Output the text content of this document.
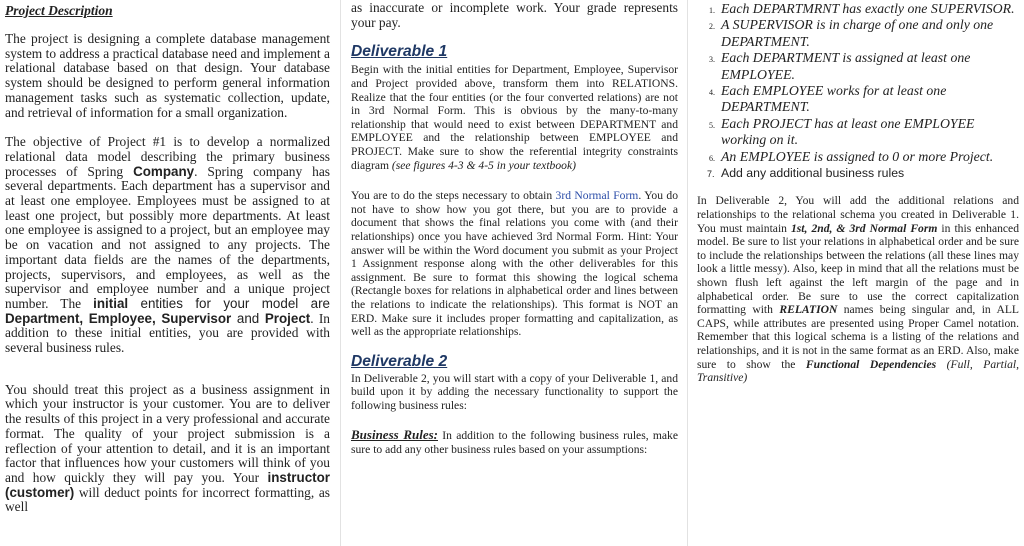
Project Description

The project is designing a complete database management system to address a practical database need and implement a relational database based on that design. Your database system should be designed to perform general information management tasks such as systematic collection, update, and retrieval of information for a small organization.

The objective of Project #1 is to develop a normalized relational data model describing the primary business processes of Spring Company. Spring company has several departments. Each department has a supervisor and at least one employee. Employees must be assigned to at least one project, but possibly more departments. At least one employee is assigned to a project, but an employee may be on vacation and not assigned to any projects. The important data fields are the names of the departments, projects, supervisors, and employees, as well as the supervisor and employee number and a unique project number. The initial entities for your model are Department, Employee, Supervisor and Project. In addition to these initial entities, you are provided with several business rules.

You should treat this project as a business assignment in which your instructor is your customer. You are to deliver the results of this project in a very professional and accurate format. The quality of your project submission is a reflection of your attention to detail, and it is an important factor that influences how your customers will think of you and how quickly they will pay you. Your instructor (customer) will deduct points for incorrect formatting, as well

as inaccurate or incomplete work. Your grade represents your pay.

Deliverable 1

Begin with the initial entities for Department, Employee, Supervisor and Project provided above, transform them into RELATIONS. Realize that the four entities (or the four converted relations) are not in 3rd Normal Form. This is obvious by the many-to-many relationship that would need to exist between DEPARTMENT and EMPLOYEE and the relationship between EMPLOYEE and PROJECT. Make sure to show the referential integrity constraints diagram (see figures 4-3 & 4-5 in your textbook)

You are to do the steps necessary to obtain 3rd Normal Form. You do not have to show how you got there, but you are to provide a document that shows the final relations you come with (and their relationships) once you have achieved 3rd Normal Form. Hint: Your answer will be within the Word document you submit as your Project 1 Assignment response along with the other deliverables for this assignment. Be sure to format this showing the logical schema (Rectangle boxes for relations in alphabetical order and lines between the relations to indicate the relationships). This format is NOT an ERD. Make sure it includes proper formatting and capitalization, as well as the appropriate relationships.

Deliverable 2

In Deliverable 2, you will start with a copy of your Deliverable 1, and build upon it by adding the necessary functionality to support the following business rules:

Business Rules: In addition to the following business rules, make sure to add any other business rules based on your assumptions:

1. Each DEPARTMRNT has exactly one SUPERVISOR.
2. A SUPERVISOR is in charge of one and only one DEPARTMENT.
3. Each DEPARTMENT is assigned at least one EMPLOYEE.
4. Each EMPLOYEE works for at least one DEPARTMENT.
5. Each PROJECT has at least one EMPLOYEE working on it.
6. An EMPLOYEE is assigned to 0 or more Project.
7. Add any additional business rules

In Deliverable 2, You will add the additional relations and relationships to the relational schema you created in Deliverable 1. You must maintain 1st, 2nd, & 3rd Normal Form in this enhanced model. Be sure to list your relations in alphabetical order and be sure to include the relationships between the relations (all these lines may look a little messy). Also, keep in mind that all the relations must be shown flush left against the left margin of the page and in alphabetical order. Be sure to use the correct capitalization formatting with RELATION names being singular and, in ALL CAPS, while attributes are presented using Proper Camel notation. Remember that this logical schema is a listing of the relations and relationships, and it is not in the same format as an ERD. Also, make sure to show the Functional Dependencies (Full, Partial, Transitive)
